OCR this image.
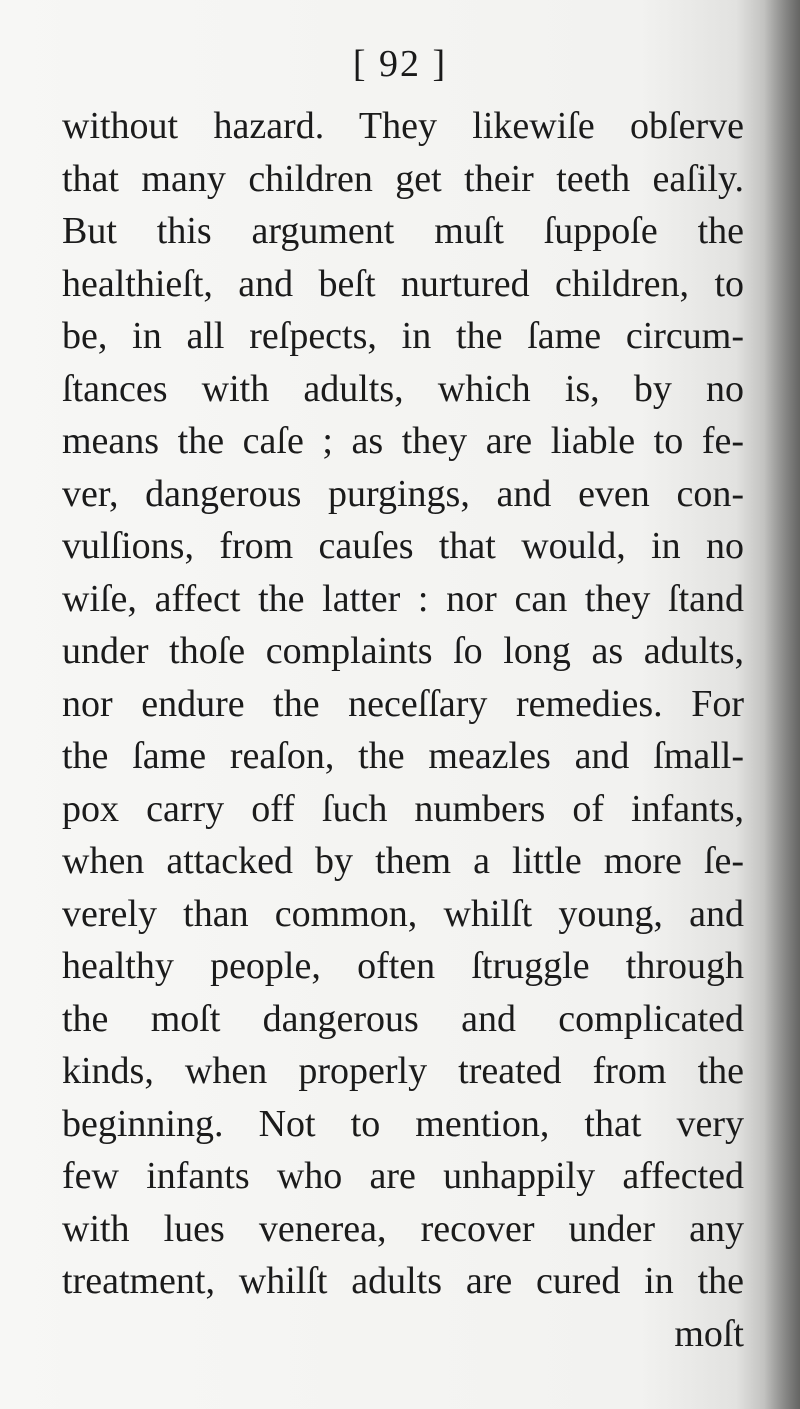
[ 92 ]
without hazard. They likewiſe obſerve
that many children get their teeth eaſily.
But this argument muſt ſuppoſe the
healthieſt, and beſt nurtured children, to
be, in all reſpects, in the ſame circum-
ſtances with adults, which is, by no
means the caſe ; as they are liable to fe-
ver, dangerous purgings, and even con-
vulſions, from cauſes that would, in no
wiſe, affect the latter : nor can they ſtand
under thoſe complaints ſo long as adults,
nor endure the neceſſary remedies. For
the ſame reaſon, the meazles and ſmall-
pox carry off ſuch numbers of infants,
when attacked by them a little more ſe-
verely than common, whilſt young, and
healthy people, often ſtruggle through
the moſt dangerous and complicated
kinds, when properly treated from the
beginning. Not to mention, that very
few infants who are unhappily affected
with lues venerea, recover under any
treatment, whilſt adults are cured in the
moſt
